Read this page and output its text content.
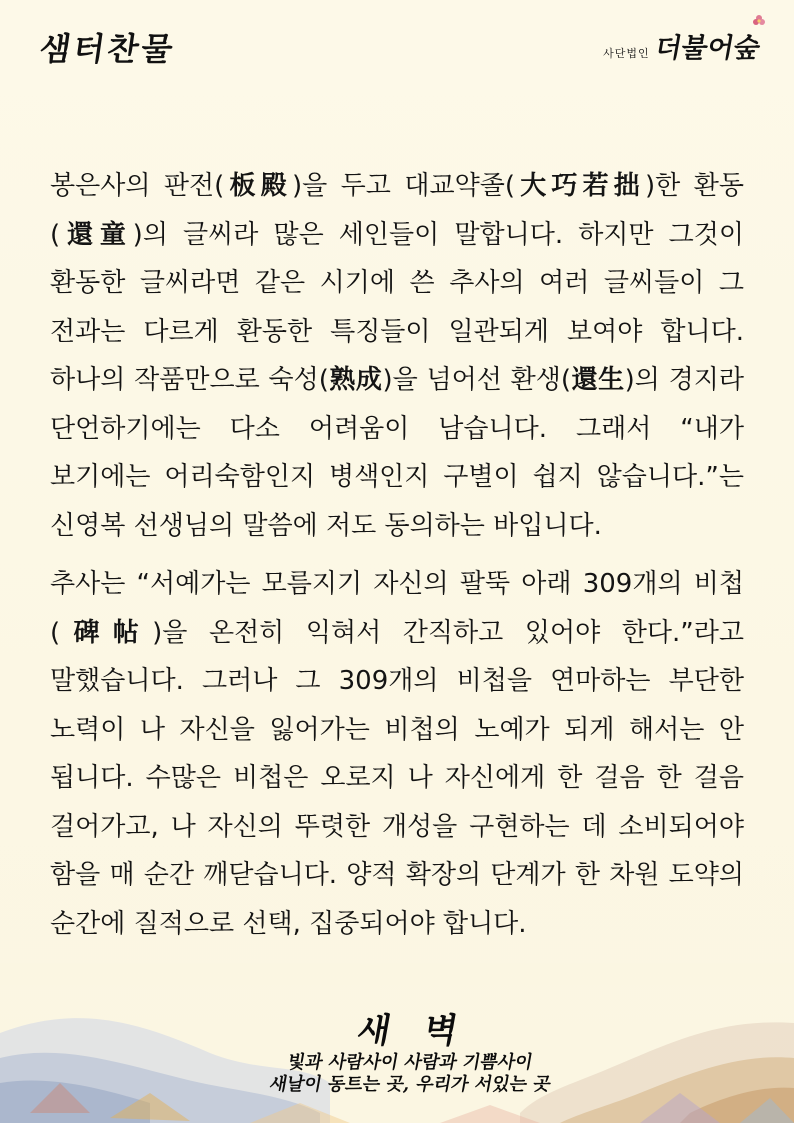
샘터찬물	사단법인 더불어숲

봉은사의 판전(板殿)을 두고 대교약졸(大巧若拙)한 환동(還童)의 글씨라 많은 세인들이 말합니다. 하지만 그것이 환동한 글씨라면 같은 시기에 쓴 추사의 여러 글씨들이 그 전과는 다르게 환동한 특징들이 일관되게 보여야 합니다. 하나의 작품만으로 숙성(熟成)을 넘어선 환생(還生)의 경지라 단언하기에는 다소 어려움이 남습니다. 그래서 “내가 보기에는 어리숙함인지 병색인지 구별이 쉽지 않습니다.”는 신영복 선생님의 말씀에 저도 동의하는 바입니다.

추사는 “서예가는 모름지기 자신의 팔뚝 아래 309개의 비첩(碑帖)을 온전히 익혀서 간직하고 있어야 한다.”라고 말했습니다. 그러나 그 309개의 비첩을 연마하는 부단한 노력이 나 자신을 잃어가는 비첩의 노예가 되게 해서는 안 됩니다. 수많은 비첩은 오로지 나 자신에게 한 걸음 한 걸음 걸어가고, 나 자신의 뚜렷한 개성을 구현하는 데 소비되어야 함을 매 순간 깨닫습니다. 양적 확장의 단계가 한 차원 도약의 순간에 질적으로 선택, 집중되어야 합니다.

새벽
빛과 사람사이 사람과 기쁨사이
새날이 동트는 곳, 우리가 서있는 곳
